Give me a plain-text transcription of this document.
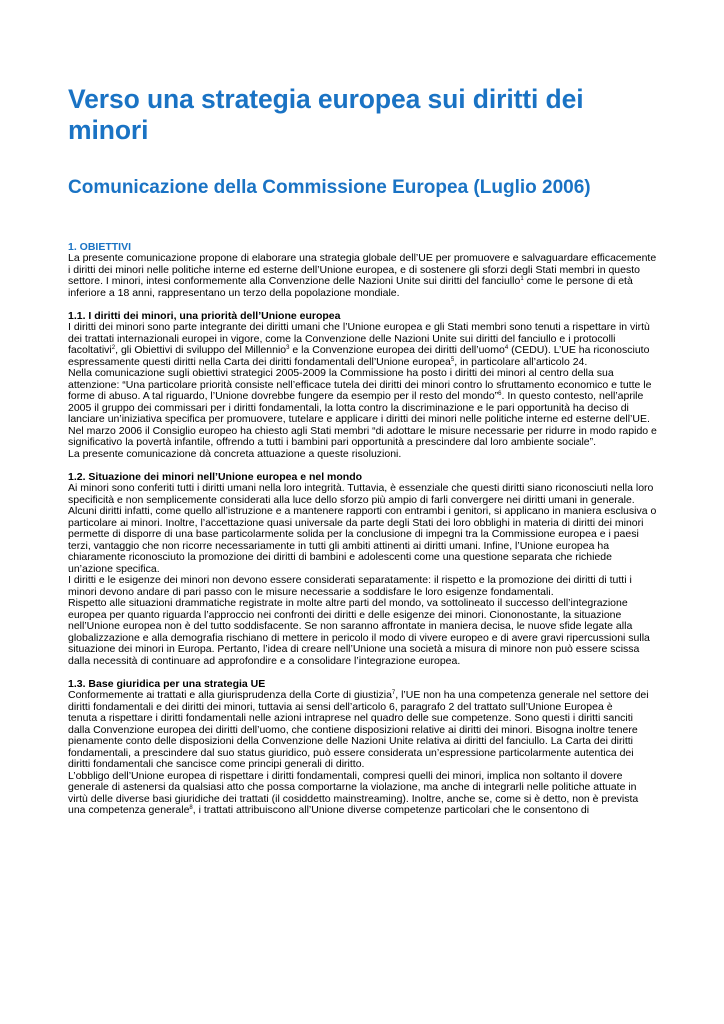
Verso una strategia europea sui diritti dei minori
Comunicazione della Commissione Europea (Luglio 2006)
1. OBIETTIVI

La presente comunicazione propone di elaborare una strategia globale dell’UE per promuovere e salvaguardare efficacemente i diritti dei minori nelle politiche interne ed esterne dell’Unione europea, e di sostenere gli sforzi degli Stati membri in questo settore. I minori, intesi conformemente alla Convenzione delle Nazioni Unite sui diritti del fanciullo$^1$ come le persone di età inferiore a 18 anni, rappresentano un terzo della popolazione mondiale.

1.1. I diritti dei minori, una priorità dell’Unione europea

I diritti dei minori sono parte integrante dei diritti umani che l’Unione europea e gli Stati membri sono tenuti a rispettare in virtù dei trattati internazionali europei in vigore, come la Convenzione delle Nazioni Unite sui diritti del fanciullo e i protocolli facoltativi$^2$, gli Obiettivi di sviluppo del Millennio$^3$ e la Convenzione europea dei diritti dell’uomo$^4$ (CEDU). L’UE ha riconosciuto espressamente questi diritti nella Carta dei diritti fondamentali dell’Unione europea$^5$, in particolare all’articolo 24.

Nella comunicazione sugli obiettivi strategici 2005-2009 la Commissione ha posto i diritti dei minori al centro della sua attenzione: “Una particolare priorità consiste nell’efficace tutela dei diritti dei minori contro lo sfruttamento economico e tutte le forme di abuso. A tal riguardo, l’Unione dovrebbe fungere da esempio per il resto del mondo”$^6$. In questo contesto, nell’aprile 2005 il gruppo dei commissari per i diritti fondamentali, la lotta contro la discriminazione e le pari opportunità ha deciso di lanciare un’iniziativa specifica per promuovere, tutelare e applicare i diritti dei minori nelle politiche interne ed esterne dell’UE.

Nel marzo 2006 il Consiglio europeo ha chiesto agli Stati membri “di adottare le misure necessarie per ridurre in modo rapido e significativo la povertà infantile, offrendo a tutti i bambini pari opportunità a prescindere dal loro ambiente sociale”.

La presente comunicazione dà concreta attuazione a queste risoluzioni.

1.2. Situazione dei minori nell’Unione europea e nel mondo

Ai minori sono conferiti tutti i diritti umani nella loro integrità. Tuttavia, è essenziale che questi diritti siano riconosciuti nella loro specificità e non semplicemente considerati alla luce dello sforzo più ampio di farli convergere nei diritti umani in generale. Alcuni diritti infatti, come quello all’istruzione e a mantenere rapporti con entrambi i genitori, si applicano in maniera esclusiva o particolare ai minori. Inoltre, l’accettazione quasi universale da parte degli Stati dei loro obblighi in materia di diritti dei minori permette di disporre di una base particolarmente solida per la conclusione di impegni tra la Commissione europea e i paesi terzi, vantaggio che non ricorre necessariamente in tutti gli ambiti attinenti ai diritti umani. Infine, l’Unione europea ha chiaramente riconosciuto la promozione dei diritti di bambini e adolescenti come una questione separata che richiede un’azione specifica.

I diritti e le esigenze dei minori non devono essere considerati separatamente: il rispetto e la promozione dei diritti di tutti i minori devono andare di pari passo con le misure necessarie a soddisfare le loro esigenze fondamentali.

Rispetto alle situazioni drammatiche registrate in molte altre parti del mondo, va sottolineato il successo dell’integrazione europea per quanto riguarda l’approccio nei confronti dei diritti e delle esigenze dei minori. Ciononostante, la situazione nell’Unione europea non è del tutto soddisfacente. Se non saranno affrontate in maniera decisa, le nuove sfide legate alla globalizzazione e alla demografia rischiano di mettere in pericolo il modo di vivere europeo e di avere gravi ripercussioni sulla situazione dei minori in Europa. Pertanto, l’idea di creare nell’Unione una società a misura di minore non può essere scissa dalla necessità di continuare ad approfondire e a consolidare l’integrazione europea.

1.3. Base giuridica per una strategia UE

Conformemente ai trattati e alla giurisprudenza della Corte di giustizia$^7$, l’UE non ha una competenza generale nel settore dei diritti fondamentali e dei diritti dei minori, tuttavia ai sensi dell’articolo 6, paragrafo 2 del trattato sull’Unione Europea è

tenuta a rispettare i diritti fondamentali nelle azioni intraprese nel quadro delle sue competenze. Sono questi i diritti sanciti dalla Convenzione europea dei diritti dell’uomo, che contiene disposizioni relative ai diritti dei minori. Bisogna inoltre tenere pienamente conto delle disposizioni della Convenzione delle Nazioni Unite relativa ai diritti del fanciullo. La Carta dei diritti fondamentali, a prescindere dal suo status giuridico, può essere considerata un’espressione particolarmente autentica dei diritti fondamentali che sancisce come principi generali di diritto.

L’obbligo dell’Unione europea di rispettare i diritti fondamentali, compresi quelli dei minori, implica non soltanto il dovere generale di astenersi da qualsiasi atto che possa comportarne la violazione, ma anche di integrarli nelle politiche attuate in virtù delle diverse basi giuridiche dei trattati (il cosiddetto mainstreaming). Inoltre, anche se, come si è detto, non è prevista una competenza generale$^8$, i trattati attribuiscono all’Unione diverse competenze particolari che le consentono di
